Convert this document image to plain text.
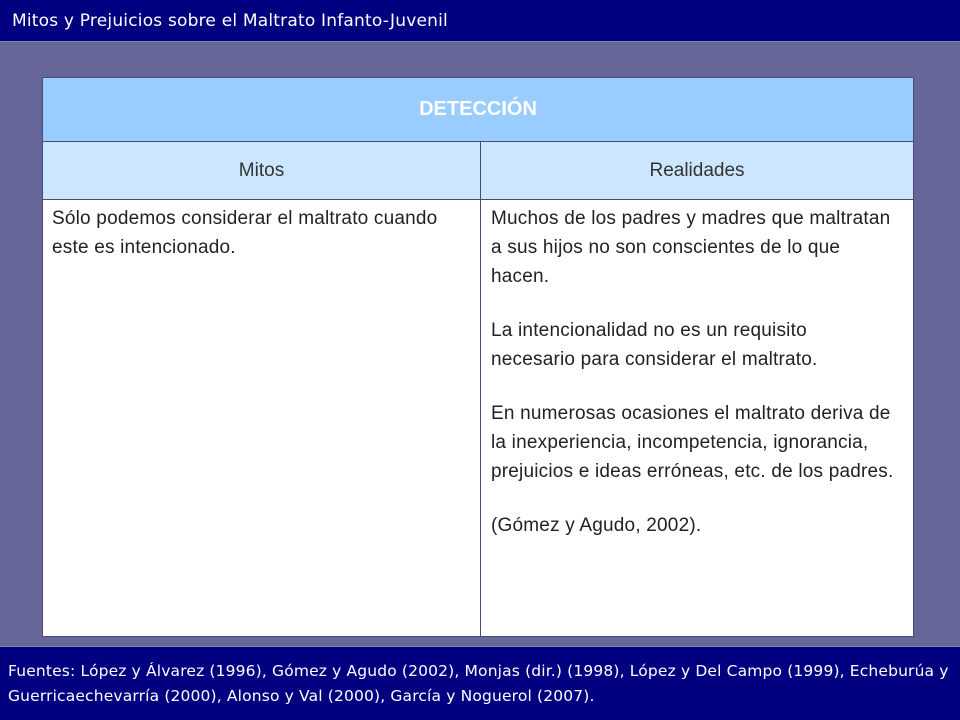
Mitos y Prejuicios sobre el Maltrato Infanto-Juvenil
DETECCIÓN	
Mitos	Realidades

Sólo podemos considerar el maltrato cuando este es intencionado.	Muchos de los padres y madres que maltratan a sus hijos no son conscientes de lo que hacen.

La intencionalidad no es un requisito necesario para considerar el maltrato.

En numerosas ocasiones el maltrato deriva de la inexperiencia, incompetencia, ignorancia, prejuicios e ideas erróneas, etc. de los padres.

(Gómez y Agudo, 2002).

Fuentes: López y Álvarez (1996), Gómez y Agudo (2002), Monjas (dir.) (1998), López y Del Campo (1999), Echeburúa y Guerricaechevarría (2000), Alonso y Val (2000), García y Noguerol (2007).
